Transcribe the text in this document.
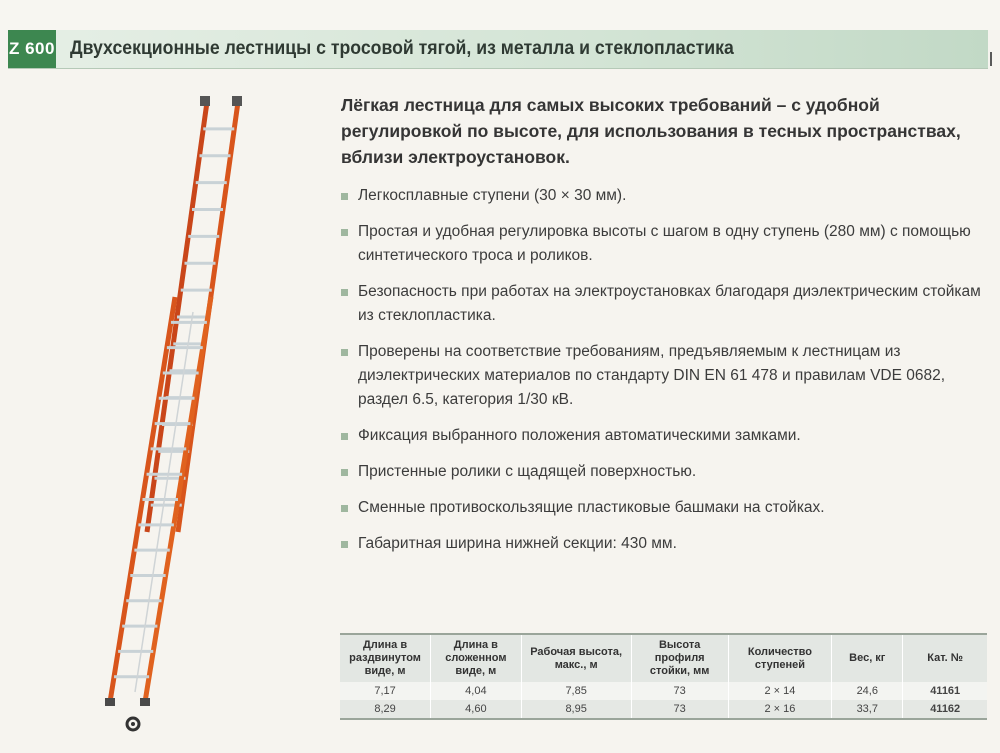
Z 600 Двухсекционные лестницы с тросовой тягой, из металла и стеклопластика
Лёгкая лестница для самых высоких требований – с удобной регулировкой по высоте, для использования в тесных пространствах, вблизи электроустановок.
Легкосплавные ступени (30 × 30 мм).
Простая и удобная регулировка высоты с шагом в одну ступень (280 мм) с помощью синтетического троса и роликов.
Безопасность при работах на электроустановках благодаря диэлектрическим стойкам из стеклопластика.
Проверены на соответствие требованиям, предъявляемым к лестницам из диэлектрических материалов по стандарту DIN EN 61 478 и правилам VDE 0682, раздел 6.5, категория 1/30 кВ.
Фиксация выбранного положения автоматическими замками.
Пристенные ролики с щадящей поверхностью.
Сменные противоскользящие пластиковые башмаки на стойках.
Габаритная ширина нижней секции: 430 мм.
Длина в раздвинутом виде, м	Длина в сложенном виде, м	Рабочая высота, макс., м	Высота профиля стойки, мм	Количество ступеней	Вес, кг	Кат. №
7,17	4,04	7,85	73	2 × 14	24,6	41161
8,29	4,60	8,95	73	2 × 16	33,7	41162
